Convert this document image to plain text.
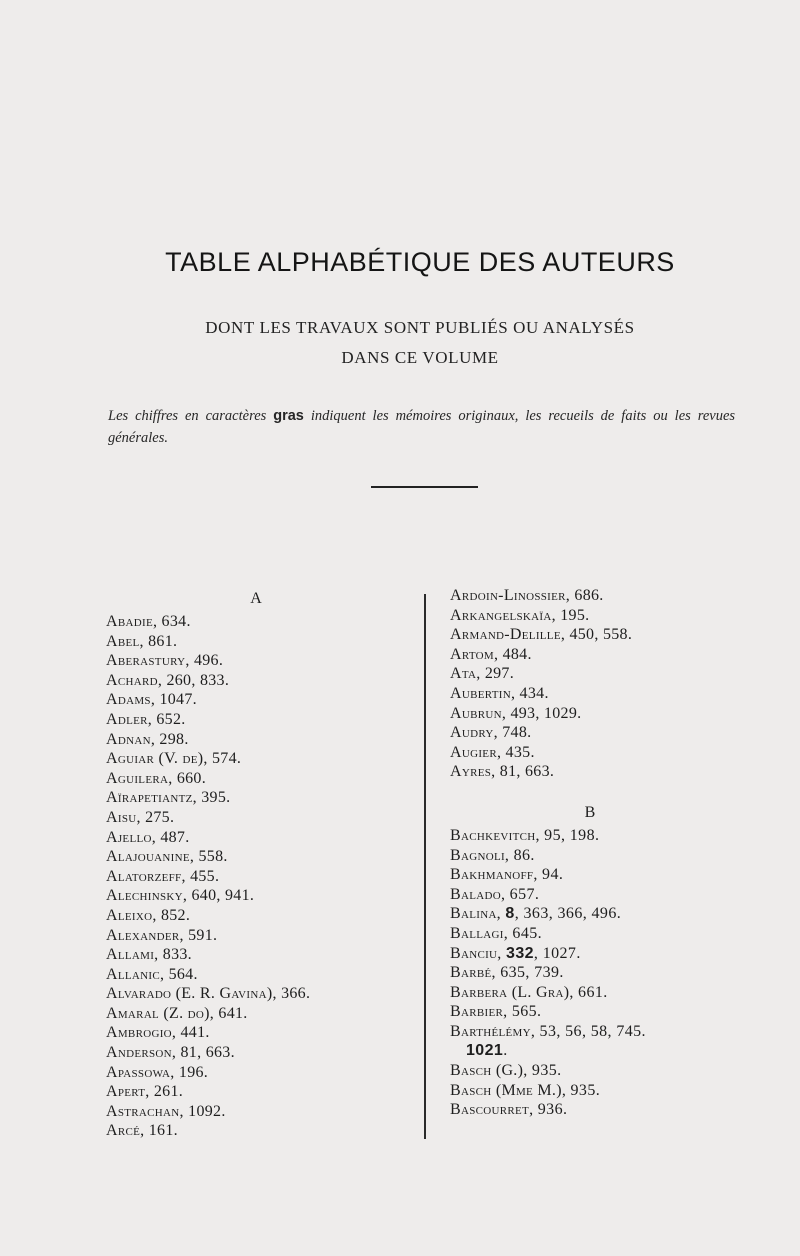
TABLE ALPHABÉTIQUE DES AUTEURS
DONT LES TRAVAUX SONT PUBLIÉS OU ANALYSÉS
DANS CE VOLUME
Les chiffres en caractères gras indiquent les mémoires originaux, les recueils de faits ou les revues générales.
A
Abadie, 634.
Abel, 861.
Aberastury, 496.
Achard, 260, 833.
Adams, 1047.
Adler, 652.
Adnan, 298.
Aguiar (V. de), 574.
Aguilera, 660.
Aïrapetiantz, 395.
Aisu, 275.
Ajello, 487.
Alajouanine, 558.
Alatorzeff, 455.
Alechinsky, 640, 941.
Aleixo, 852.
Alexander, 591.
Allami, 833.
Allanic, 564.
Alvarado (E. R. Gavina), 366.
Amaral (Z. do), 641.
Ambrogio, 441.
Anderson, 81, 663.
Apassowa, 196.
Apert, 261.
Astrachan, 1092.
Arcé, 161.
Ardoin-Linossier, 686.
Arkangelskaïa, 195.
Armand-Delille, 450, 558.
Artom, 484.
Ata, 297.
Aubertin, 434.
Aubrun, 493, 1029.
Audry, 748.
Augier, 435.
Ayres, 81, 663.
B
Bachkevitch, 95, 198.
Bagnoli, 86.
Bakhmanoff, 94.
Balado, 657.
Balina, 8, 363, 366, 496.
Ballagi, 645.
Banciu, 332, 1027.
Barbé, 635, 739.
Barbera (L. Gra), 661.
Barbier, 565.
Barthélémy, 53, 56, 58, 745.
1021.
Basch (G.), 935.
Basch (Mme M.), 935.
Bascourret, 936.
